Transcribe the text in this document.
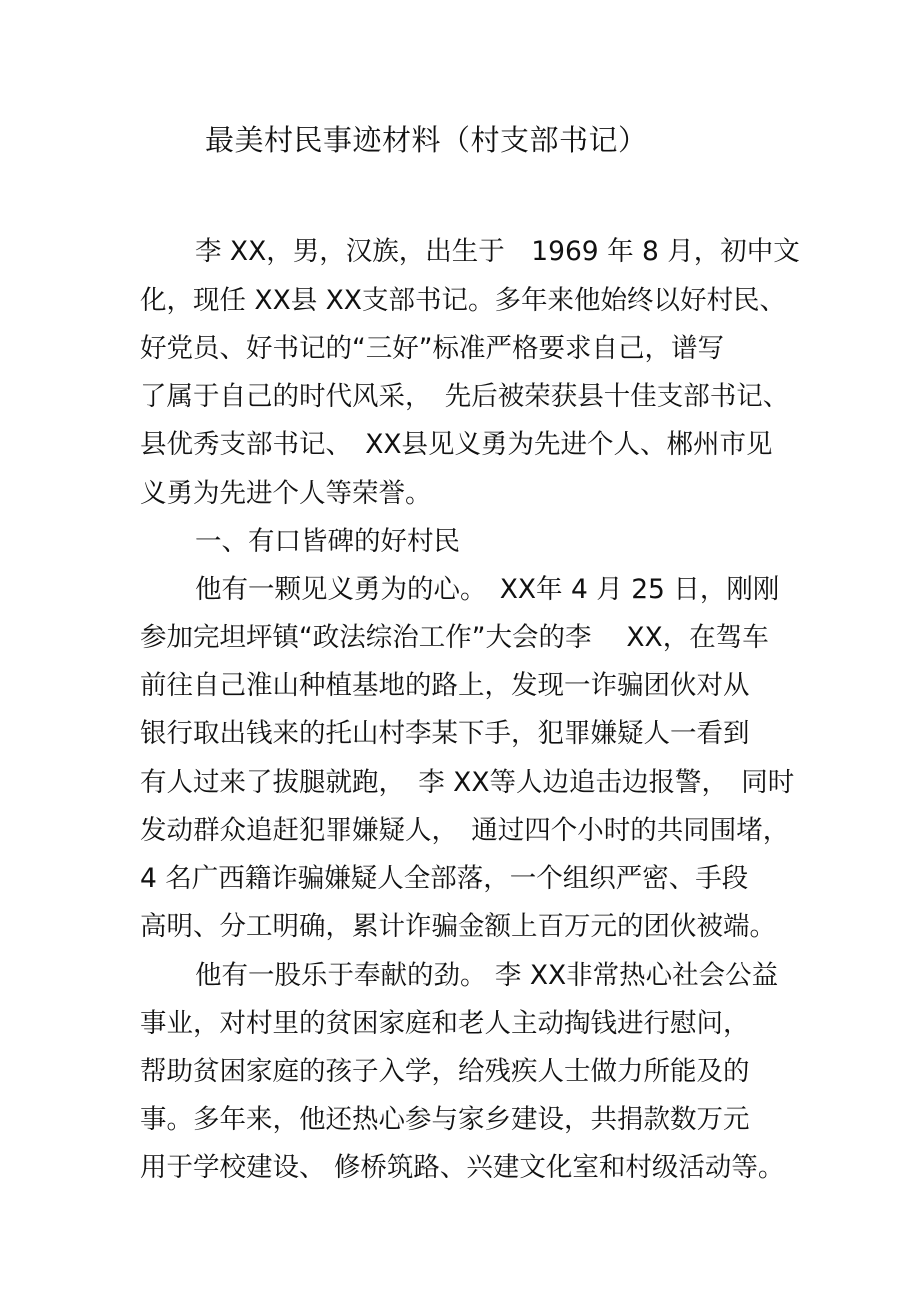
最美村民事迹材料（村支部书记）
李 XX，男，汉族，出生于　1969 年 8 月，初中文
化，现任 XX县 XX支部书记。多年来他始终以好村民、
好党员、好书记的“三好”标准严格要求自己，谱写
了属于自己的时代风采，　先后被荣获县十佳支部书记、
县优秀支部书记、　XX县见义勇为先进个人、郴州市见
义勇为先进个人等荣誉。
一、有口皆碑的好村民
他有一颗见义勇为的心。　XX年 4 月 25 日，刚刚
参加完坦坪镇“政法综治工作”大会的李　 XX，在驾车
前往自己淮山种植基地的路上，发现一诈骗团伙对从
银行取出钱来的托山村李某下手，犯罪嫌疑人一看到
有人过来了拔腿就跑，　李 XX等人边追击边报警，　同时
发动群众追赶犯罪嫌疑人，　通过四个小时的共同围堵，
4 名广西籍诈骗嫌疑人全部落，一个组织严密、手段
高明、分工明确，累计诈骗金额上百万元的团伙被端。
他有一股乐于奉献的劲。 李 XX非常热心社会公益
事业，对村里的贫困家庭和老人主动掏钱进行慰问，
帮助贫困家庭的孩子入学，给残疾人士做力所能及的
事。多年来，他还热心参与家乡建设，共捐款数万元
用于学校建设、 修桥筑路、兴建文化室和村级活动等。
